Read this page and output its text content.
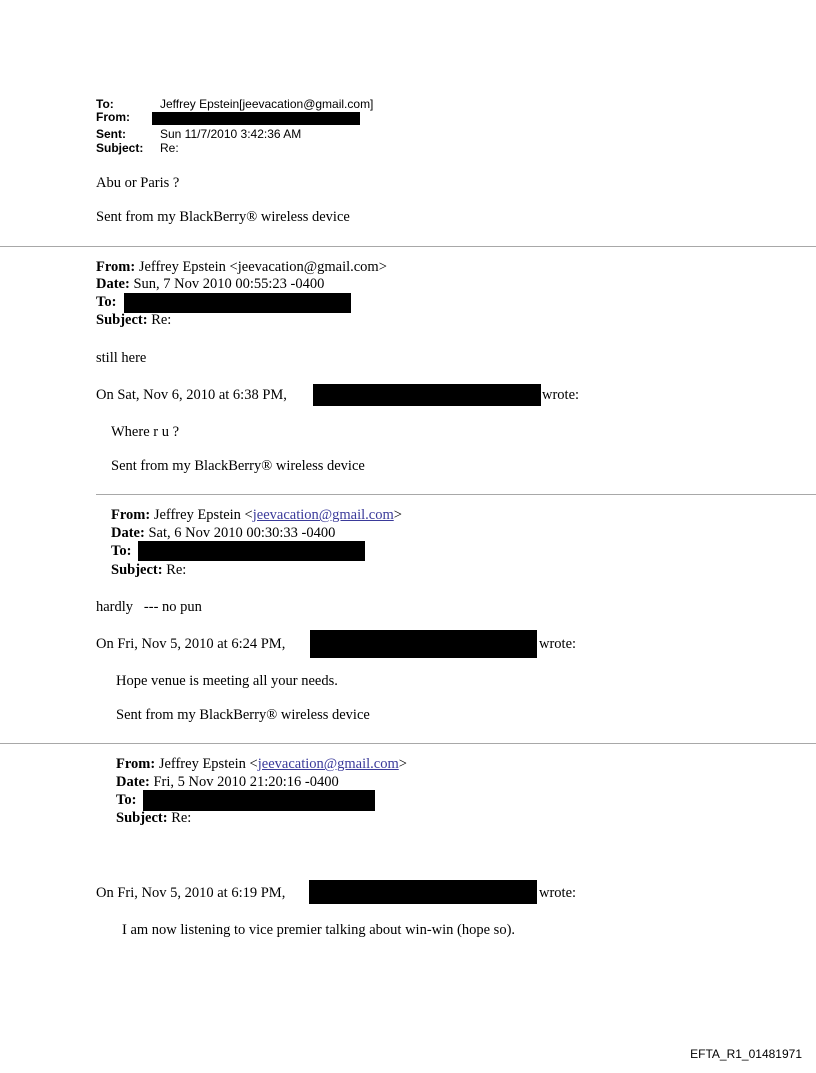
To:	Jeffrey Epstein[jeevacation@gmail.com]
From:
Sent:	Sun 11/7/2010 3:42:36 AM
Subject: Re:
Abu or Paris ?
Sent from my BlackBerry® wireless device
From: Jeffrey Epstein <jeevacation@gmail.com>
Date: Sun, 7 Nov 2010 00:55:23 -0400
To:
Subject: Re:
still here
On Sat, Nov 6, 2010 at 6:38 PM,	wrote:
Where r u ?
Sent from my BlackBerry® wireless device
From: Jeffrey Epstein <jeevacation@gmail.com>
Date: Sat, 6 Nov 2010 00:30:33 -0400
To:
Subject: Re:
hardly   --- no pun
On Fri, Nov 5, 2010 at 6:24 PM,	wrote:
Hope venue is meeting all your needs.
Sent from my BlackBerry® wireless device
From: Jeffrey Epstein <jeevacation@gmail.com>
Date: Fri, 5 Nov 2010 21:20:16 -0400
To:
Subject: Re:
On Fri, Nov 5, 2010 at 6:19 PM,	wrote:
I am now listening to vice premier talking about win-win (hope so).
EFTA_R1_01481971
